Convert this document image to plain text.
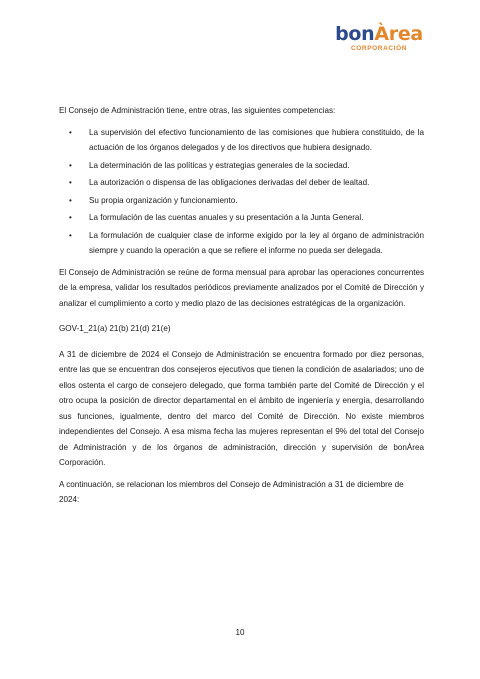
bonÀrea
CORPORACIÓN

El Consejo de Administración tiene, entre otras, las siguientes competencias:

• La supervisión del efectivo funcionamiento de las comisiones que hubiera constituido, de la actuación de los órganos delegados y de los directivos que hubiera designado.
• La determinación de las políticas y estrategias generales de la sociedad.
• La autorización o dispensa de las obligaciones derivadas del deber de lealtad.
• Su propia organización y funcionamiento.
• La formulación de las cuentas anuales y su presentación a la Junta General.
• La formulación de cualquier clase de informe exigido por la ley al órgano de administración siempre y cuando la operación a que se refiere el informe no pueda ser delegada.

El Consejo de Administración se reúne de forma mensual para aprobar las operaciones concurrentes de la empresa, validar los resultados periódicos previamente analizados por el Comité de Dirección y analizar el cumplimiento a corto y medio plazo de las decisiones estratégicas de la organización.

GOV-1_21(a) 21(b) 21(d) 21(e)

A 31 de diciembre de 2024 el Consejo de Administración se encuentra formado por diez personas, entre las que se encuentran dos consejeros ejecutivos que tienen la condición de asalariados; uno de ellos ostenta el cargo de consejero delegado, que forma también parte del Comité de Dirección y el otro ocupa la posición de director departamental en el ámbito de ingeniería y energía, desarrollando sus funciones, igualmente, dentro del marco del Comité de Dirección. No existe miembros independientes del Consejo. A esa misma fecha las mujeres representan el 9% del total del Consejo de Administración y de los órganos de administración, dirección y supervisión de bonÀrea Corporación.

A continuación, se relacionan los miembros del Consejo de Administración a 31 de diciembre de 2024:

10
